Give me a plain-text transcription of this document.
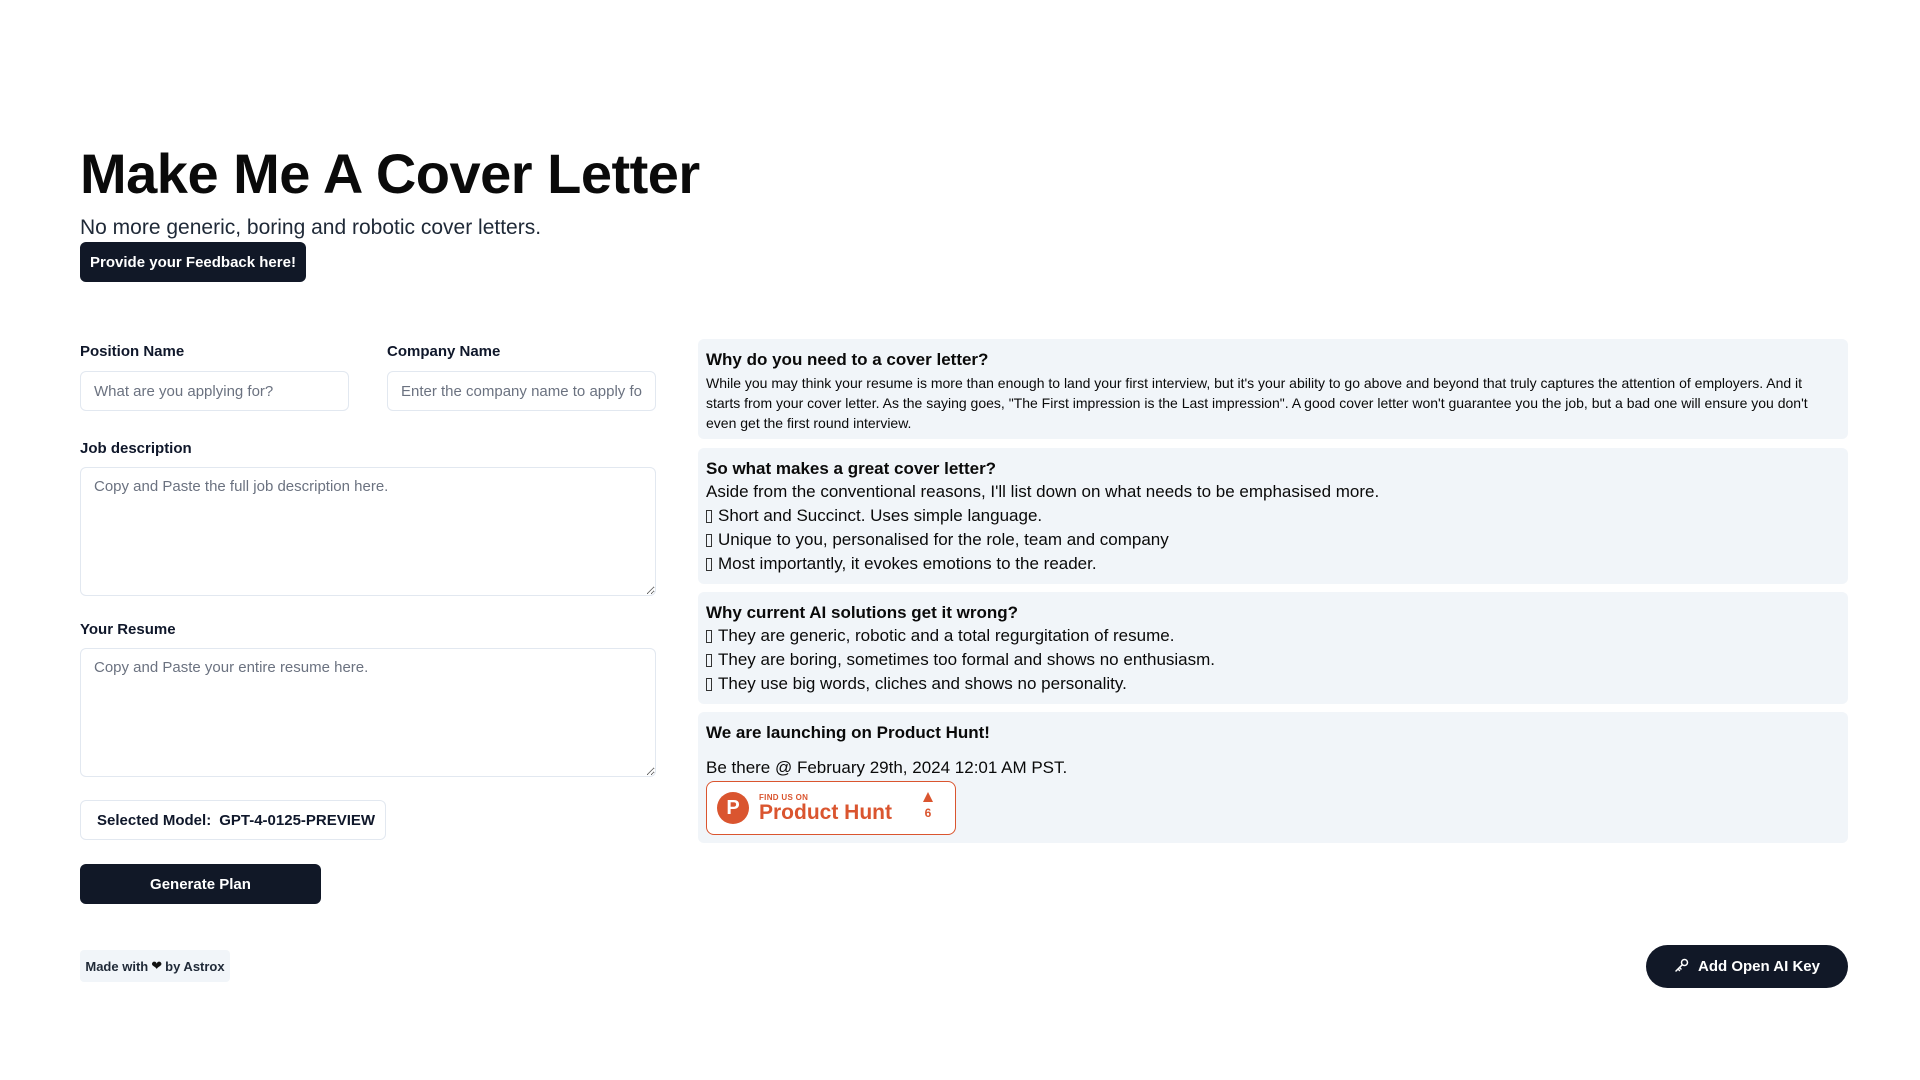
Make Me A Cover Letter

No more generic, boring and robotic cover letters.

Provide your Feedback here!
Position Name
What are you applying for?	Company Name
Enter the company name to apply for
Job description
Copy and Paste the full job description here.
Your Resume
Copy and Paste your entire resume here.
Selected Model: GPT-4-0125-PREVIEW
Generate Plan
Made with ❤ by Astrox	Add Open AI Key
Why do you need to a cover letter?
While you may think your resume is more than enough to land your first interview, but it's your ability to go above and beyond that truly captures the attention of employers. And it starts from your cover letter. As the saying goes, "The First impression is the Last impression". A good cover letter won't guarantee you the job, but a bad one will ensure you don't even get the first round interview.
So what makes a great cover letter?
Aside from the conventional reasons, I'll list down on what needs to be emphasised more.
Short and Succinct. Uses simple language.
Unique to you, personalised for the role, team and company
Most importantly, it evokes emotions to the reader.
Why current AI solutions get it wrong?
They are generic, robotic and a total regurgitation of resume.
They are boring, sometimes too formal and shows no enthusiasm.
They use big words, cliches and shows no personality.
We are launching on Product Hunt!
Be there @ February 29th, 2024 12:01 AM PST.
P	FIND US ON
Product Hunt	6
